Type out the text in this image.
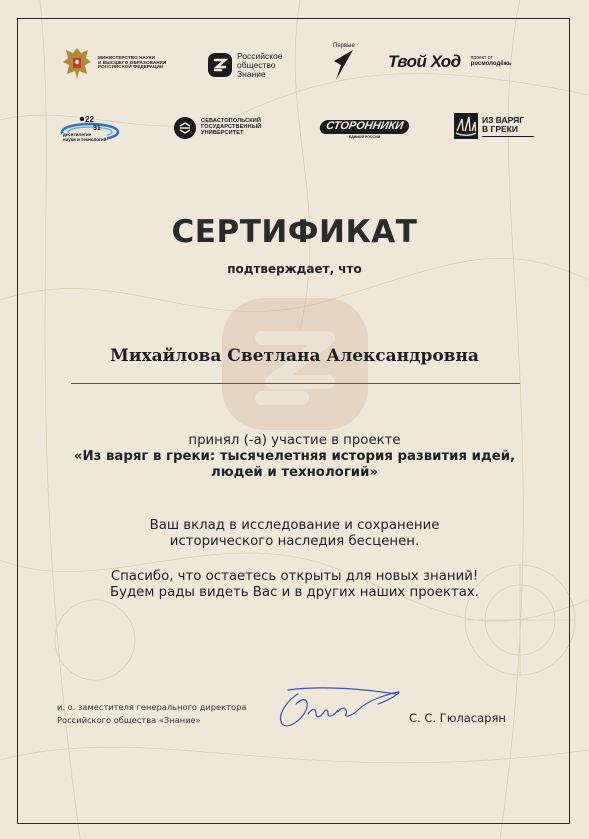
МИНИСТЕРСТВО НАУКИ
И ВЫСШЕГО ОБРАЗОВАНИЯ
РОССИЙСКОЙ ФЕДЕРАЦИИ
Российское
общество
Знание
Первые
Твой Ход проект от
росмолодёжь
22
31
десятилетие
науки и технологий
СЕВАСТОПОЛЬСКИЙ
ГОСУДАРСТВЕННЫЙ
УНИВЕРСИТЕТ
СТОРОННИКИ
ЕДИНОЙ РОССИИ
ИЗ ВАРЯГ
В ГРЕКИ
СЕРТИФИКАТ
подтверждает, что
Михайлова Светлана Александровна
принял (-а) участие в проекте
«Из варяг в греки: тысячелетняя история развития идей,
людей и технологий»
Ваш вклад в исследование и сохранение
исторического наследия бесценен.
Спасибо, что остаетесь открыты для новых знаний!
Будем рады видеть Вас и в других наших проектах.
и. о. заместителя генерального директора
Российского общества «Знание»	С. С. Гюласарян
